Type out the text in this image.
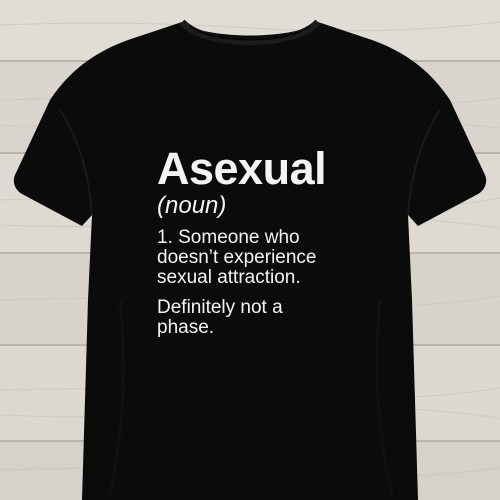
Asexual

(noun)

1. Someone who

doesn’t experience

sexual attraction.

Definitely not a

phase.
